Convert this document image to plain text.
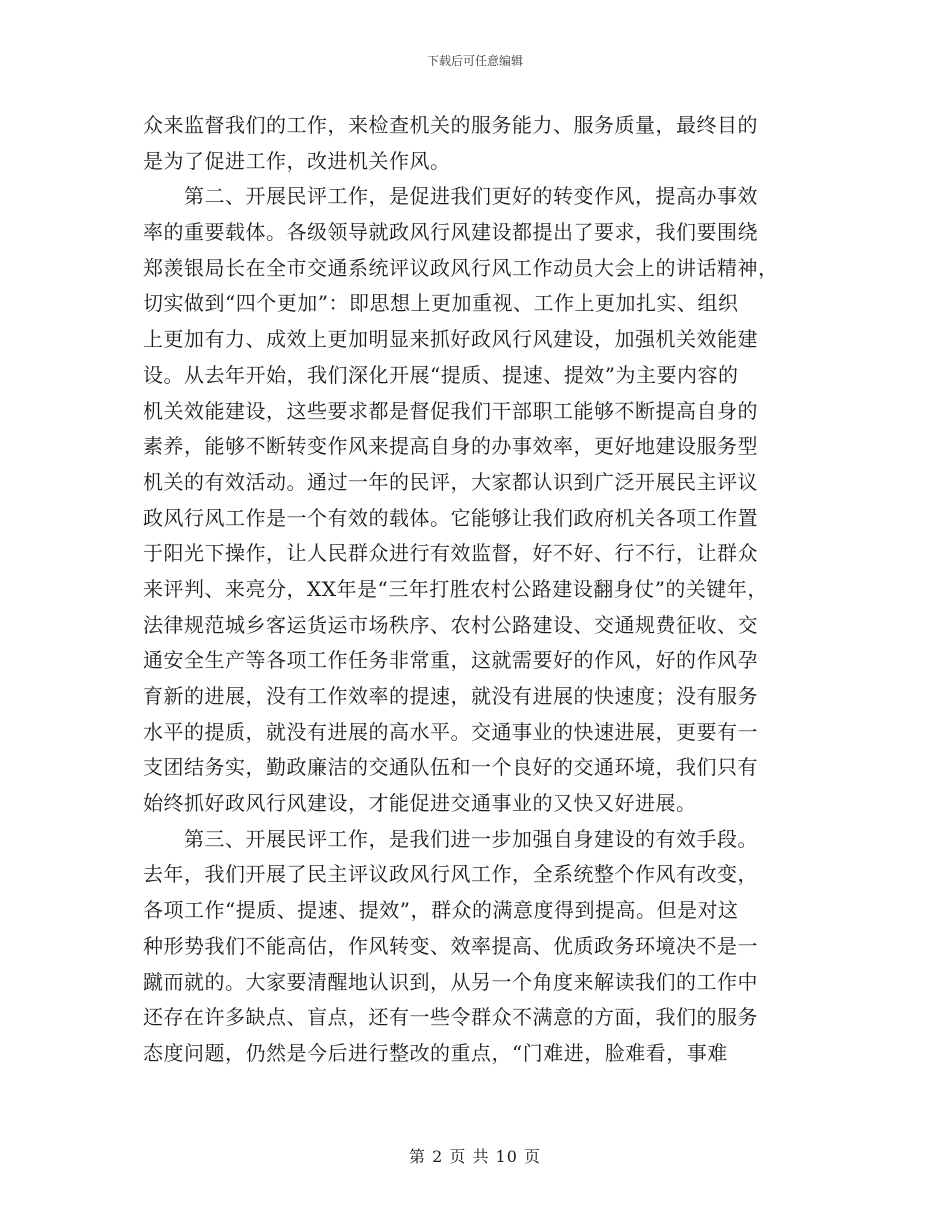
下载后可任意编辑
众来监督我们的工作，来检查机关的服务能力、服务质量，最终目的
是为了促进工作，改进机关作风。
第二、开展民评工作，是促进我们更好的转变作风，提高办事效
率的重要载体。各级领导就政风行风建设都提出了要求，我们要围绕
郑羡银局长在全市交通系统评议政风行风工作动员大会上的讲话精神，
切实做到“四个更加”：即思想上更加重视、工作上更加扎实、组织
上更加有力、成效上更加明显来抓好政风行风建设，加强机关效能建
设。从去年开始，我们深化开展“提质、提速、提效”为主要内容的
机关效能建设，这些要求都是督促我们干部职工能够不断提高自身的
素养，能够不断转变作风来提高自身的办事效率，更好地建设服务型
机关的有效活动。通过一年的民评，大家都认识到广泛开展民主评议
政风行风工作是一个有效的载体。它能够让我们政府机关各项工作置
于阳光下操作，让人民群众进行有效监督，好不好、行不行，让群众
来评判、来亮分，XX年是“三年打胜农村公路建设翻身仗”的关键年，
法律规范城乡客运货运市场秩序、农村公路建设、交通规费征收、交
通安全生产等各项工作任务非常重，这就需要好的作风，好的作风孕
育新的进展，没有工作效率的提速，就没有进展的快速度；没有服务
水平的提质，就没有进展的高水平。交通事业的快速进展，更要有一
支团结务实，勤政廉洁的交通队伍和一个良好的交通环境，我们只有
始终抓好政风行风建设，才能促进交通事业的又快又好进展。
第三、开展民评工作，是我们进一步加强自身建设的有效手段。
去年，我们开展了民主评议政风行风工作，全系统整个作风有改变，
各项工作“提质、提速、提效”，群众的满意度得到提高。但是对这
种形势我们不能高估，作风转变、效率提高、优质政务环境决不是一
蹴而就的。大家要清醒地认识到，从另一个角度来解读我们的工作中
还存在许多缺点、盲点，还有一些令群众不满意的方面，我们的服务
态度问题，仍然是今后进行整改的重点，“门难进，脸难看，事难
第 2 页 共 10 页
